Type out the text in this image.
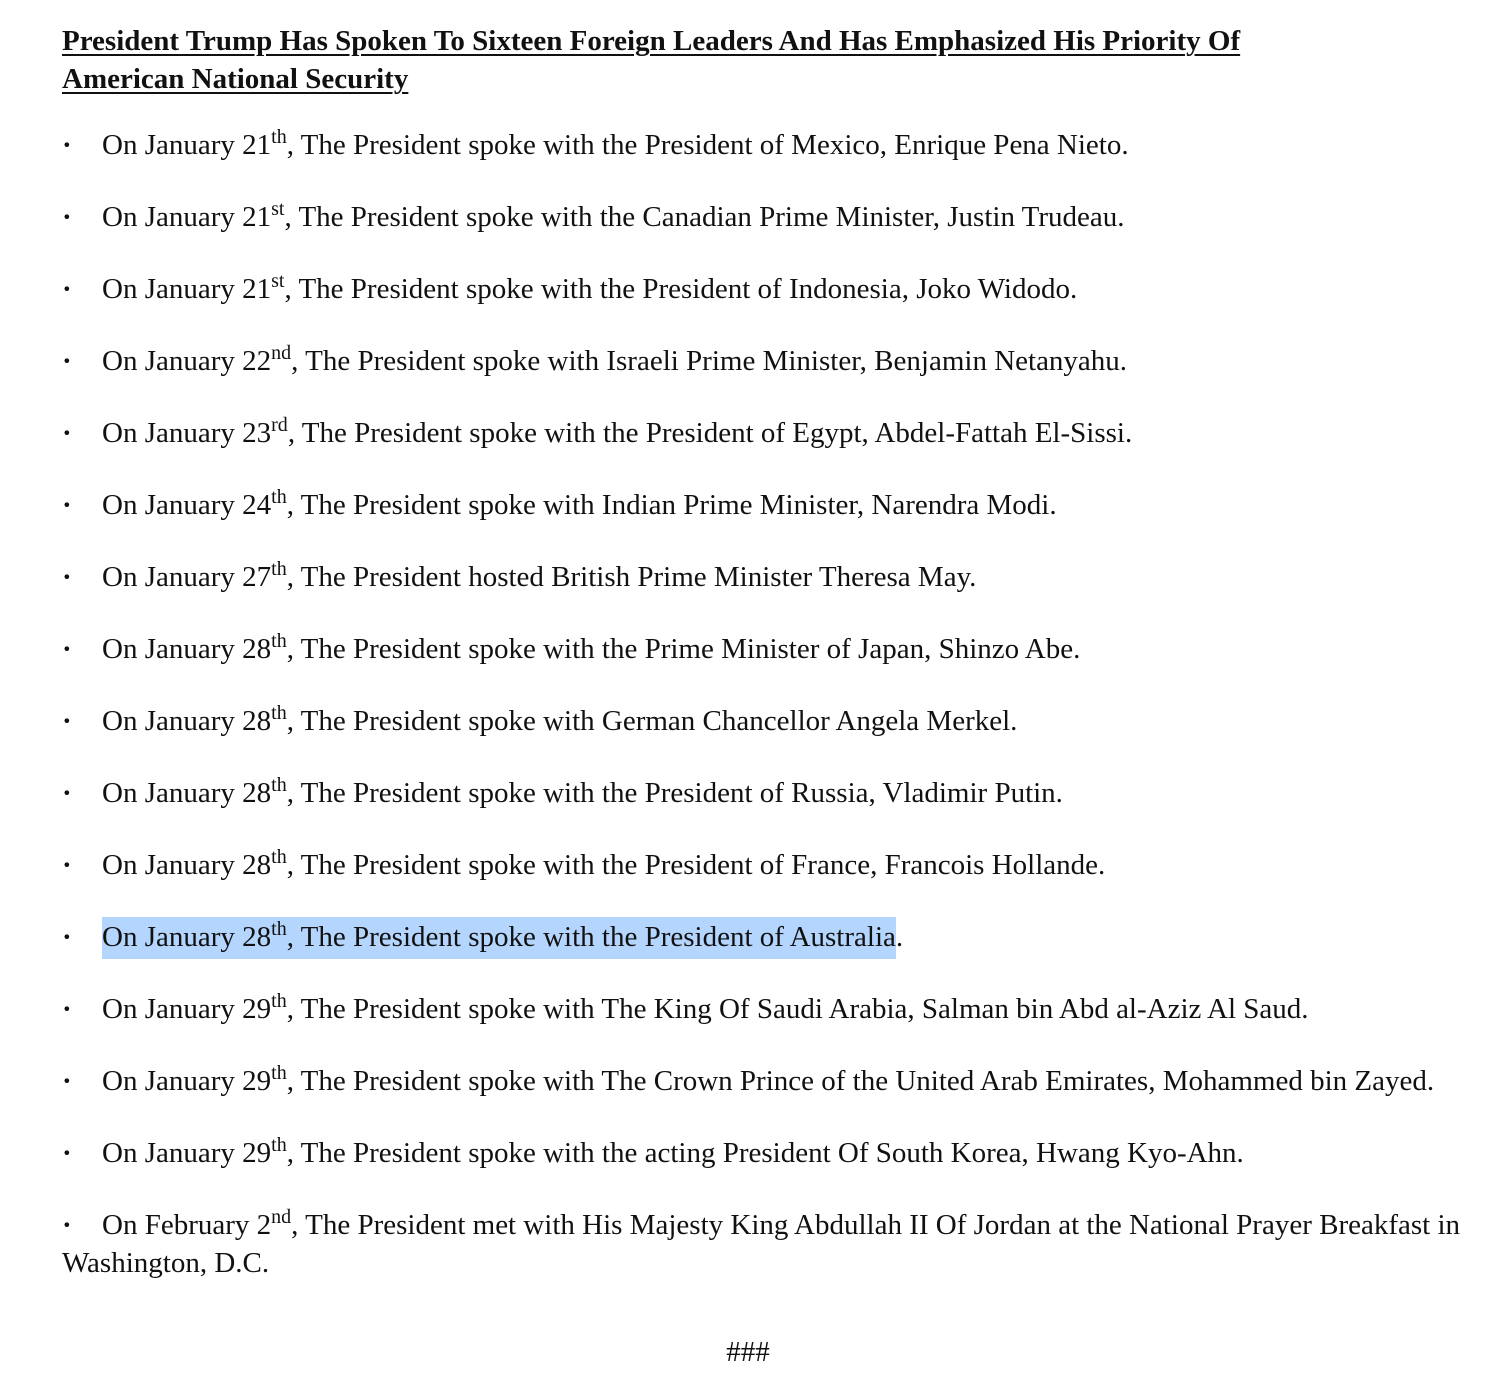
President Trump Has Spoken To Sixteen Foreign Leaders And Has Emphasized His Priority Of
American National Security
· On January 21th, The President spoke with the President of Mexico, Enrique Pena Nieto.
· On January 21st, The President spoke with the Canadian Prime Minister, Justin Trudeau.
· On January 21st, The President spoke with the President of Indonesia, Joko Widodo.
· On January 22nd, The President spoke with Israeli Prime Minister, Benjamin Netanyahu.
· On January 23rd, The President spoke with the President of Egypt, Abdel-Fattah El-Sissi.
· On January 24th, The President spoke with Indian Prime Minister, Narendra Modi.
· On January 27th, The President hosted British Prime Minister Theresa May.
· On January 28th, The President spoke with the Prime Minister of Japan, Shinzo Abe.
· On January 28th, The President spoke with German Chancellor Angela Merkel.
· On January 28th, The President spoke with the President of Russia, Vladimir Putin.
· On January 28th, The President spoke with the President of France, Francois Hollande.
· On January 28th, The President spoke with the President of Australia.
· On January 29th, The President spoke with The King Of Saudi Arabia, Salman bin Abd al-Aziz Al Saud.
· On January 29th, The President spoke with The Crown Prince of the United Arab Emirates, Mohammed bin Zayed.
· On January 29th, The President spoke with the acting President Of South Korea, Hwang Kyo-Ahn.
· On February 2nd, The President met with His Majesty King Abdullah II Of Jordan at the National Prayer Breakfast in Washington, D.C.
###
